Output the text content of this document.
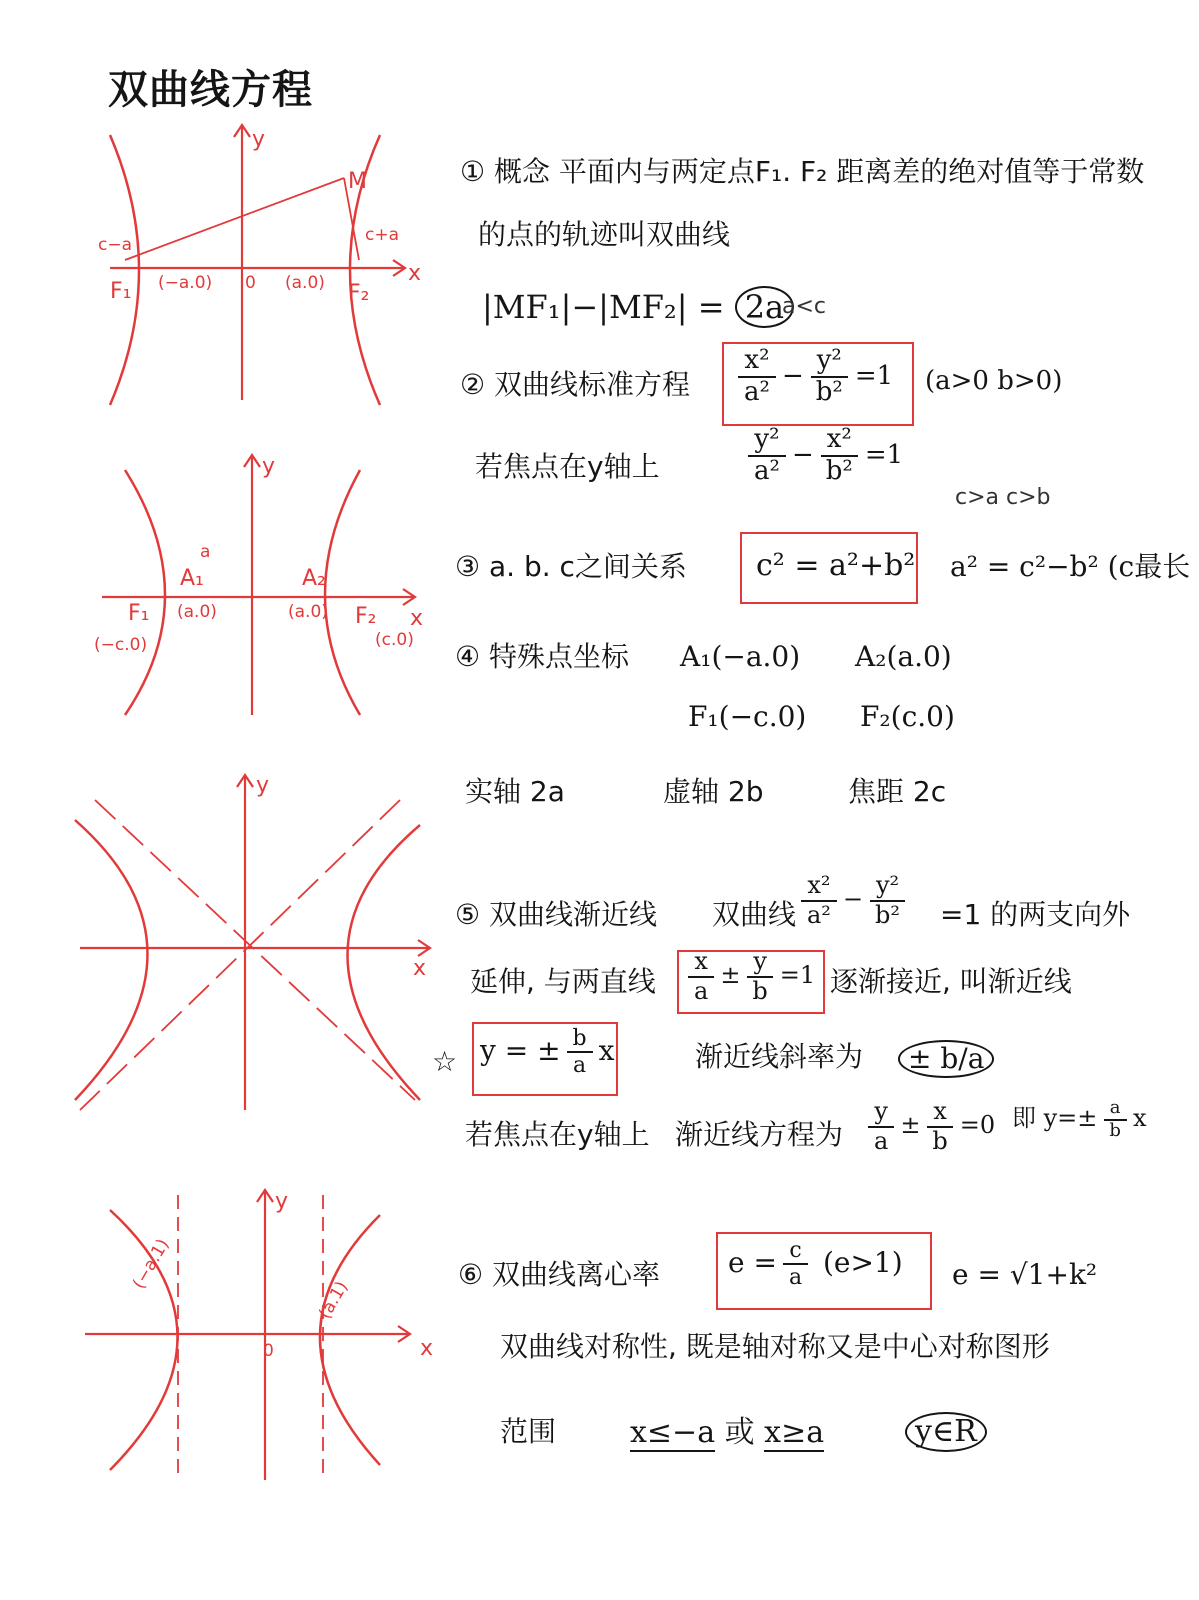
双曲线方程
y
x
M
F₁	F₂
0
(−a.0)	(a.0)
c−a	c+a
y
x
A₁	A₂
F₁	F₂
(a.0)	(a.0)
(−c.0)	(c.0)
a
y
x
y
x
0
(−a.1)
(a.1)
① 概念 平面内与两定点F₁. F₂ 距离差的绝对值等于常数
的点的轨迹叫双曲线
|MF₁|−|MF₂| = 2a
a<c
② 双曲线标准方程 $\frac{\text{x²}}{\text{a²}} - \frac{\text{y²}}{\text{b²}} =1$ (a>0 b>0)
若焦点在y轴上	$\frac{\text{y²}}{\text{a²}} - \frac{\text{x²}}{\text{b²}} =1$
c>a c>b
③ a. b. c之间关系 c² = a²+b² a² = c²−b² (c最长
④ 特殊点坐标 A₁(−a.0) A₂(a.0)
F₁(−c.0) F₂(c.0)
实轴 2a	虚轴 2b	焦距 2c
⑤ 双曲线渐近线 双曲线 $\frac{\text{x²}}{\text{a²}} - \frac{\text{y²}}{\text{b²}} =1$ 的两支向外
延伸, 与两直线 $\frac{x}{a} \pm \frac{y}{b} =1$ 逐渐接近, 叫渐近线
☆ y = ± $\frac{b}{a}$ x	渐近线斜率为	± b/a
若焦点在y轴上 渐近线方程为 $\frac{y}{a} \pm \frac{x}{b} =0$ 即 $y=\pm \frac{a}{b}$ x
⑥ 双曲线离心率 $e = \frac{c}{a} (e>1) e = √1+k^2$
双曲线对称性, 既是轴对称又是中心对称图形
范围 x≤−a 或 x≥a	y∈R
